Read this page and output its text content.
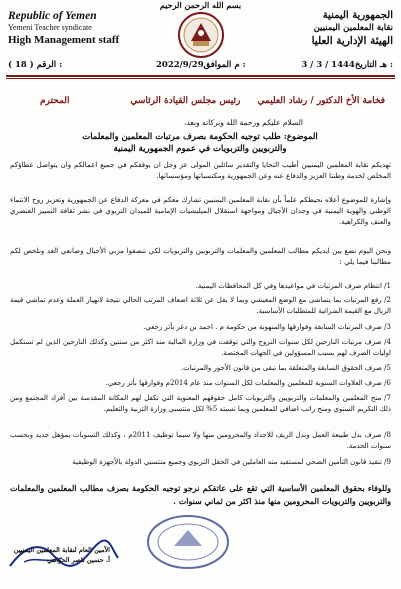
بسم الله الرحمن الرحيم
Republic of Yemen
Yemeni Teacher syndicate
High Management staff
الجمهورية اليمنية
نقابة المعلمين اليمنيين
الهيئة الإدارية العليا
( 18 ) الرقم :	2022/9/29م الموافق :	3 / 3 / 1444هـ التاريخ :
فخامة الأخ الدكتور / رشاد العليمي رئيس مجلس القيادة الرئاسي
المحترم
السلام عليكم ورحمة الله وبركاته وبعد،
الموضوع: طلب توجيه الحكومة بصرف مرتبات المعلمين والمعلمات
والتربويين والتربويات في عموم الجمهورية اليمنية
تهديكم نقابة المعلمين اليمنيين أطيب التحايا والتقدير سائلين المولى عز وجل ان يوفقكم في جميع اعمالكم وان يتواصل عطاؤكم المخلص لخدمة وطننا العزيز والدفاع عنه وعن الجمهورية ومكتسباتها ومؤسساتها.
وإشارة للموضوع أعلاه نحيطكم علماً بأن نقابة المعلمين اليمنيين تشارك معكم في معركة الدفاع عن الجمهورية وتعزيز روح الانتماء الوطني والهوية اليمنية في وجدان الأجيال ومواجهة استقلال الميليشيات الإمامية للميدان التربوي في نشر ثقافة التمييز العنصري والعنف والكراهية.
ونحن اليوم نضع بين ايديكم مطالب المعلمين والمعلمات والتربويين والتربويات لكي تنصفوا مربي الأجيال وصانعي الغد ونلخص لكم مطالبنا فيما يلي :
1/ انتظام صرف المرتبات في مواعيدها وفي كل المحافظات اليمنية.
2/ رفع المرتبات بما يتماشى مع الوضع المعيشي وبما لا يقل عن ثلاثة اضعاف المرتب الحالي نتيجة لانهيار العملة وعدم تماشي قيمة الريال مع القيمة الشرائية للمتطلبات الأساسية.
3/ صرف المرتبات السابقة وفوارقها والمنهوبة من حكومة م . احمد بن دغر بأثر رجعي.
4/ صرف مرتبات النازحين لكل سنوات النزوح والتي توقفت في وزارة المالية منذ اكثر من سنتين وكذلك النازحين الذين لم تستكمل اوليات الصرف لهم بسبب المسؤولين في الجهات المختصة.
5/ صرف الحقوق السابقة والمتعلقة بما تبقى من قانون الأجور والمرتبات.
6/ صرف العلاوات السنوية للمعلمين والمعلمات لكل السنوات منذ عام 2014م وفوارقها بأثر رجعي.
7/ منح المعلمين والمعلمات والتربويين والتربويات كامل حقوقهم المعنوية التي تكفل لهم المكانة المقدسة بين أفراد المجتمع ومن ذلك التكريم السنوي ومنح راتب اضافي للمعلمين وبما نسبته 5% لكل منتسبي وزارة التربية والتعليم.
8/ صرف بدل طبيعة العمل وبدل الريف للاجداد والمحرومين منها ولا سيما توظيف 2011م ، وكذلك التسويات بمؤهل جديد وبحسب سنوات الخدمة.
9/ تنفيذ قانون التأمين الصحي لمستفيد منه العاملين في الحقل التربوي وجميع منتسبي الدولة بالأجهزة الوظيفية
وللوفاء بحقوق المعلمين الأساسية التي تقع على عاتقكم نرجو توجيه الحكومة بصرف مطالب المعلمين والمعلمات والتربويين والتربويات المحرومين منها منذ اكثر من ثماني سنوات .
الأمين العام لنقابة المعلمين اليمنيين
أ. حسين ناصر الحوانتي
